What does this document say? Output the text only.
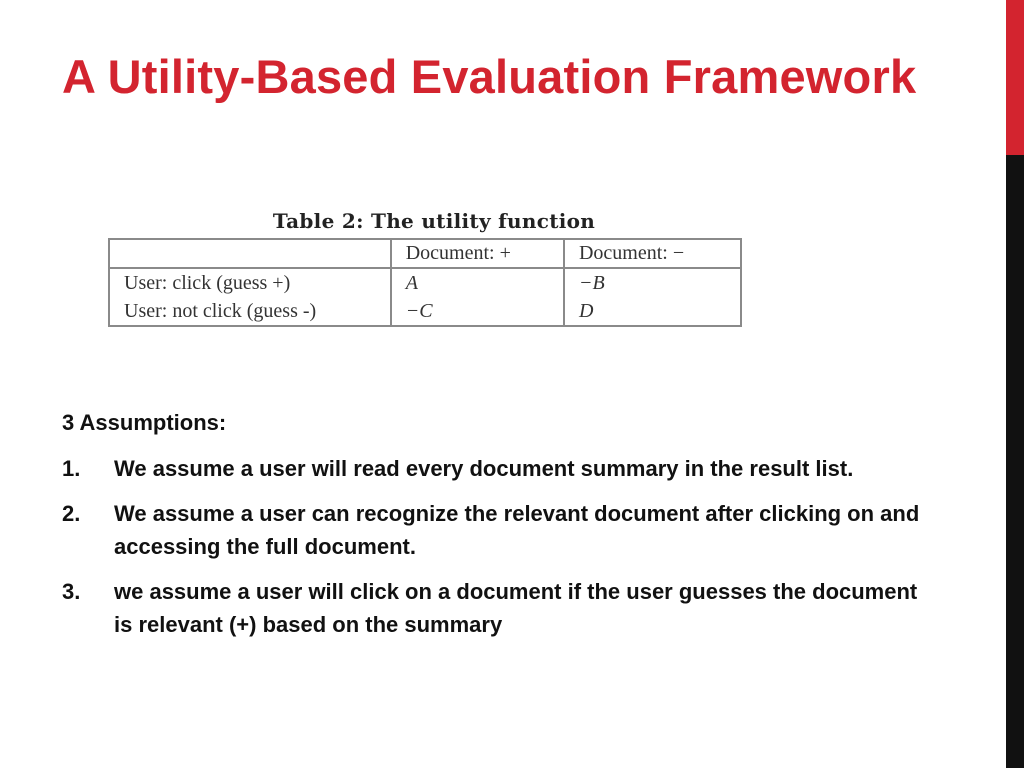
A Utility-Based Evaluation Framework
Table 2: The utility function
	Document: +	Document: −
User: click (guess +)	A	−B
User: not click (guess -)	−C	D
3 Assumptions:
1.	We assume a user will read every document summary in the result list.
2.	We assume a user can recognize the relevant document after clicking on and accessing the full document.
3.	we assume a user will click on a document if the user guesses the document is relevant (+) based on the summary
